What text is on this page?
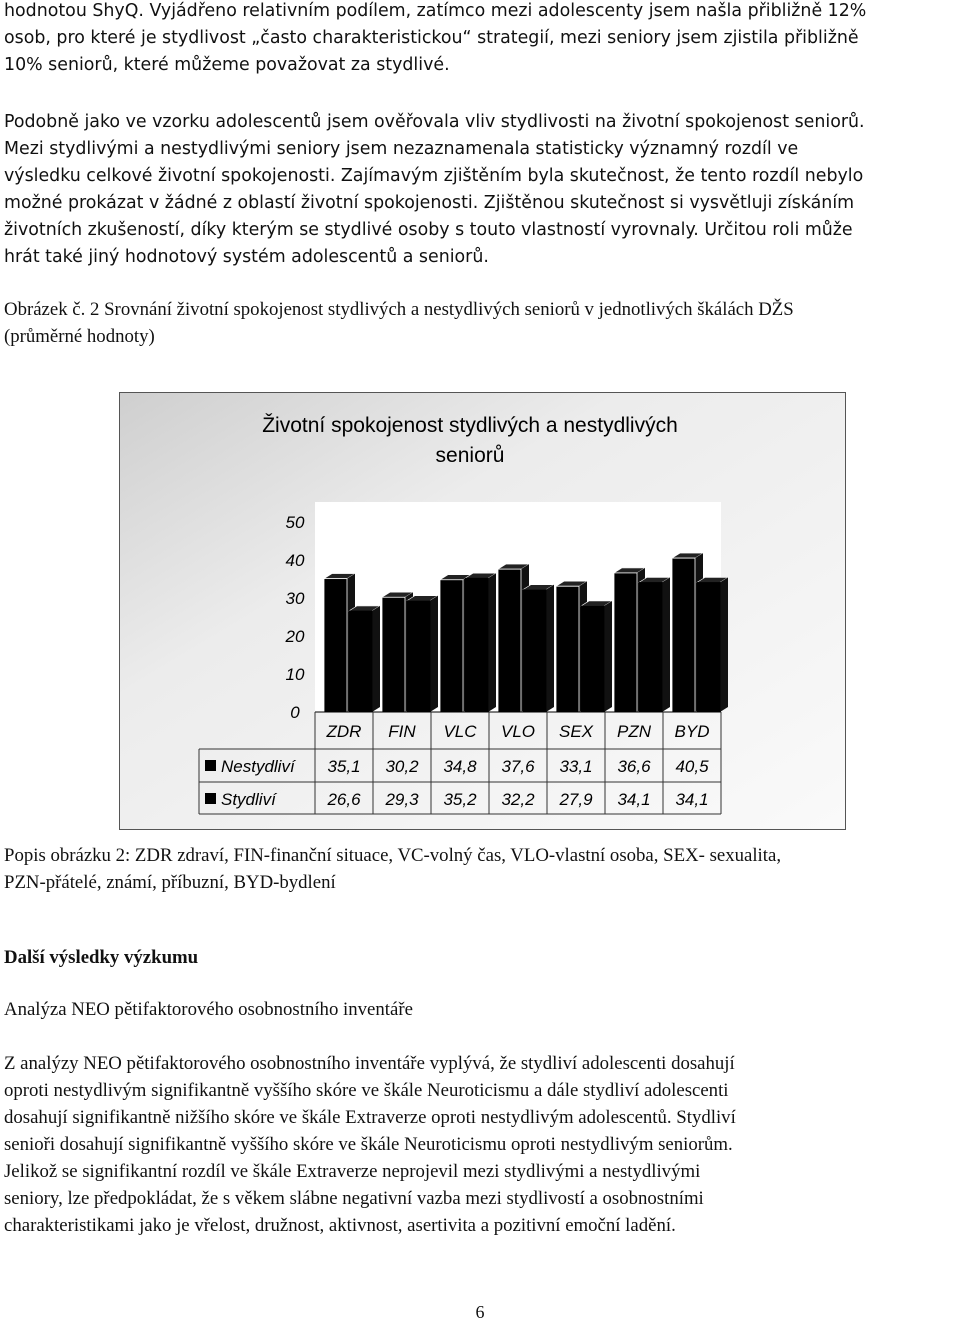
hodnotou ShyQ. Vyjádřeno relativním podílem, zatímco mezi adolescenty jsem našla přibližně 12%
osob, pro které je stydlivost „často charakteristickou“ strategií, mezi seniory jsem zjistila přibližně
10% seniorů, které můžeme považovat za stydlivé.
Podobně jako ve vzorku adolescentů jsem ověřovala vliv stydlivosti na životní spokojenost seniorů.
Mezi stydlivými a nestydlivými seniory jsem nezaznamenala statisticky významný rozdíl ve
výsledku celkové životní spokojenosti. Zajímavým zjištěním byla skutečnost, že tento rozdíl nebylo
možné prokázat v žádné z oblastí životní spokojenosti. Zjištěnou skutečnost si vysvětluji získáním
životních zkušeností, díky kterým se stydlivé osoby s touto vlastností vyrovnaly. Určitou roli může
hrát také jiný hodnotový systém adolescentů a seniorů.
Obrázek č. 2 Srovnání životní spokojenost stydlivých a nestydlivých seniorů v jednotlivých škálách DŽS
(průměrné hodnoty)
Životní spokojenost stydlivých a nestydlivých
seniorů
50
40
30
20
10
0
ZDR FIN VLC VLO SEX PZN BYD
Nestydliví 35,1 30,2 34,8 37,6 33,1 36,6 40,5
Stydliví	26,6 29,3 35,2 32,2 27,9 34,1 34,1
Popis obrázku 2: ZDR zdraví, FIN-finanční situace, VC-volný čas, VLO-vlastní osoba, SEX- sexualita,
PZN-přátelé, známí, příbuzní, BYD-bydlení
Další výsledky výzkumu
Analýza NEO pětifaktorového osobnostního inventáře
Z analýzy NEO pětifaktorového osobnostního inventáře vyplývá, že stydliví adolescenti dosahují
oproti nestydlivým signifikantně vyššího skóre ve škále Neuroticismu a dále stydliví adolescenti
dosahují signifikantně nižšího skóre ve škále Extraverze oproti nestydlivým adolescentů. Stydliví
senioři dosahují signifikantně vyššího skóre ve škále Neuroticismu oproti nestydlivým seniorům.
Jelikož se signifikantní rozdíl ve škále Extraverze neprojevil mezi stydlivými a nestydlivými
seniory, lze předpokládat, že s věkem slábne negativní vazba mezi stydlivostí a osobnostními
charakteristikami jako je vřelost, družnost, aktivnost, asertivita a pozitivní emoční ladění.
6
